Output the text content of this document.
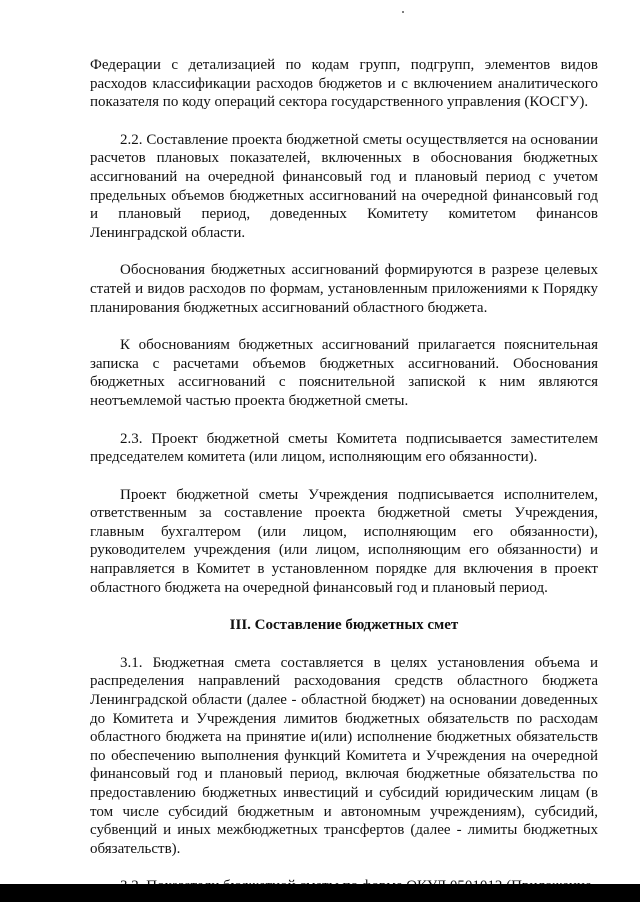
Федерации с детализацией по кодам групп, подгрупп, элементов видов расходов классификации расходов бюджетов и с включением аналитического показателя по коду операций сектора государственного управления (КОСГУ).

2.2. Составление проекта бюджетной сметы осуществляется на основании расчетов плановых показателей, включенных в обоснования бюджетных ассигнований на очередной финансовый год и плановый период с учетом предельных объемов бюджетных ассигнований на очередной финансовый год и плановый период, доведенных Комитету комитетом финансов Ленинградской области.

Обоснования бюджетных ассигнований формируются в разрезе целевых статей и видов расходов по формам, установленным приложениями к Порядку планирования бюджетных ассигнований областного бюджета.

К обоснованиям бюджетных ассигнований прилагается пояснительная записка с расчетами объемов бюджетных ассигнований. Обоснования бюджетных ассигнований с пояснительной запиской к ним являются неотъемлемой частью проекта бюджетной сметы.

2.3. Проект бюджетной сметы Комитета подписывается заместителем председателем комитета (или лицом, исполняющим его обязанности).

Проект бюджетной сметы Учреждения подписывается исполнителем, ответственным за составление проекта бюджетной сметы Учреждения, главным бухгалтером (или лицом, исполняющим его обязанности), руководителем учреждения (или лицом, исполняющим его обязанности) и направляется в Комитет в установленном порядке для включения в проект областного бюджета на очередной финансовый год и плановый период.

III. Составление бюджетных смет

3.1. Бюджетная смета составляется в целях установления объема и распределения направлений расходования средств областного бюджета Ленинградской области (далее - областной бюджет) на основании доведенных до Комитета и Учреждения лимитов бюджетных обязательств по расходам областного бюджета на принятие и(или) исполнение бюджетных обязательств по обеспечению выполнения функций Комитета и Учреждения на очередной финансовый год и плановый период, включая бюджетные обязательства по предоставлению бюджетных инвестиций и субсидий юридическим лицам (в том числе субсидий бюджетным и автономным учреждениям), субсидий, субвенций и иных межбюджетных трансфертов (далее - лимиты бюджетных обязательств).
